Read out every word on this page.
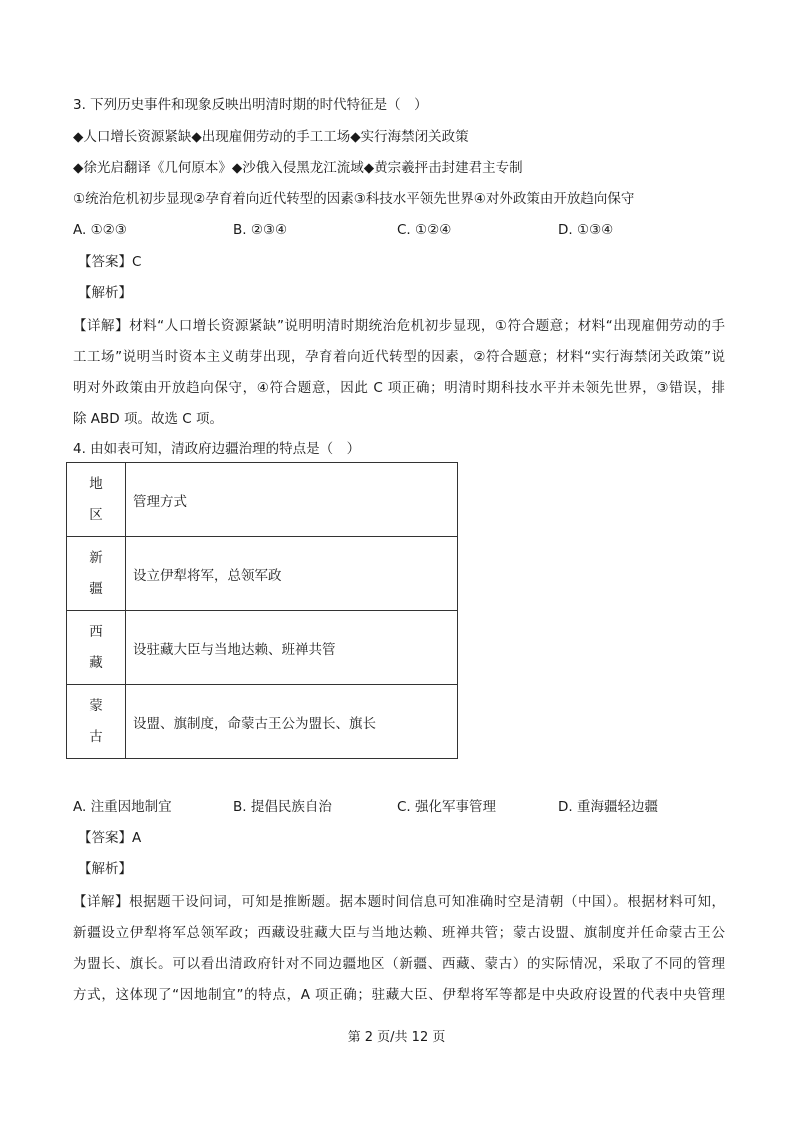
3. 下列历史事件和现象反映出明清时期的时代特征是（　）
◆人口增长资源紧缺◆出现雇佣劳动的手工工场◆实行海禁闭关政策
◆徐光启翻译《几何原本》◆沙俄入侵黑龙江流域◆黄宗羲抨击封建君主专制
①统治危机初步显现②孕育着向近代转型的因素③科技水平领先世界④对外政策由开放趋向保守
A. ①②③	B. ②③④	C. ①②④	D. ①③④
【答案】C
【解析】
【详解】材料“人口增长资源紧缺”说明明清时期统治危机初步显现，①符合题意；材料“出现雇佣劳动的手
工工场”说明当时资本主义萌芽出现，孕育着向近代转型的因素，②符合题意；材料“实行海禁闭关政策”说
明对外政策由开放趋向保守，④符合题意，因此 C 项正确；明清时期科技水平并未领先世界，③错误，排
除 ABD 项。故选 C 项。
4. 由如表可知，清政府边疆治理的特点是（　）
地
区	管理方式

新
疆	设立伊犁将军，总领军政

西
藏	设驻藏大臣与当地达赖、班禅共管

蒙
古	设盟、旗制度，命蒙古王公为盟长、旗长
A. 注重因地制宜	B. 提倡民族自治	C. 强化军事管理	D. 重海疆轻边疆
【答案】A
【解析】
【详解】根据题干设问词，可知是推断题。据本题时间信息可知准确时空是清朝（中国）。根据材料可知，
新疆设立伊犁将军总领军政；西藏设驻藏大臣与当地达赖、班禅共管；蒙古设盟、旗制度并任命蒙古王公
为盟长、旗长。可以看出清政府针对不同边疆地区（新疆、西藏、蒙古）的实际情况，采取了不同的管理
方式，这体现了“因地制宜”的特点，A 项正确；驻藏大臣、伊犁将军等都是中央政府设置的代表中央管理
第 2 页/共 12 页
